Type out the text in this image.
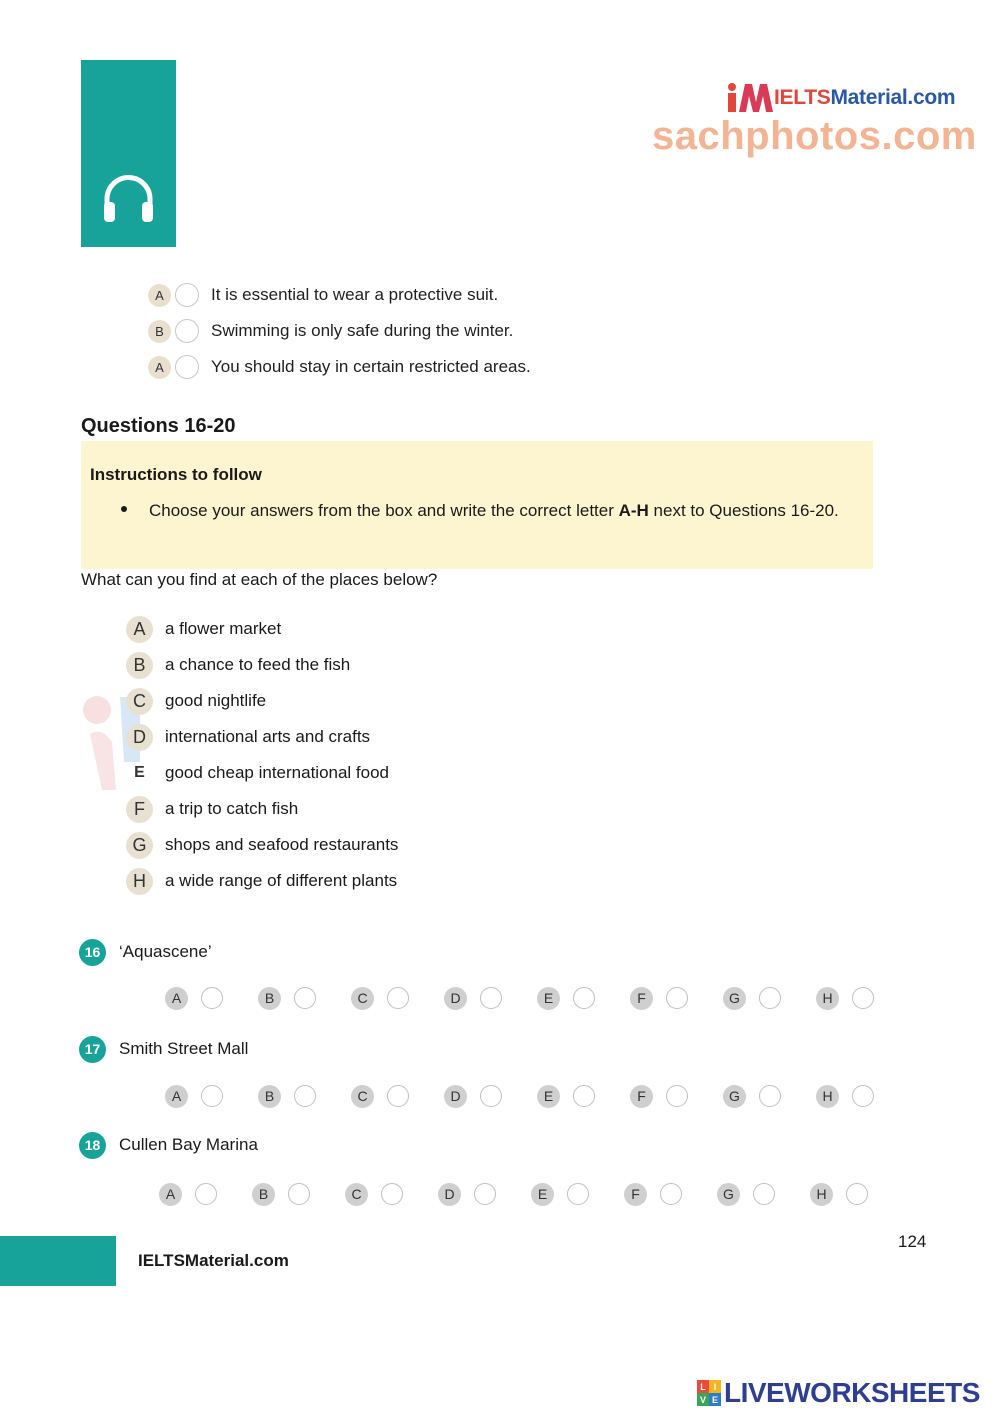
IELTSMaterial.com
sachphotos.com
A	It is essential to wear a protective suit.
B	Swimming is only safe during the winter.
A	You should stay in certain restricted areas.
Questions 16-20
Instructions to follow
Choose your answers from the box and write the correct letter A-H next to Questions 16-20.
What can you find at each of the places below?
A	a flower market
B	a chance to feed the fish
C	good nightlife
D	international arts and crafts
E	good cheap international food
F	a trip to catch fish
G	shops and seafood restaurants
H	a wide range of different plants
16	‘Aquascene’
A	B	C	D	E	F	G	H
17	Smith Street Mall
A	B	C	D	E	F	G	H
18	Cullen Bay Marina
A	B	C	D	E	F	G	H
124
IELTSMaterial.com
L I
V E LIVEWORKSHEETS
